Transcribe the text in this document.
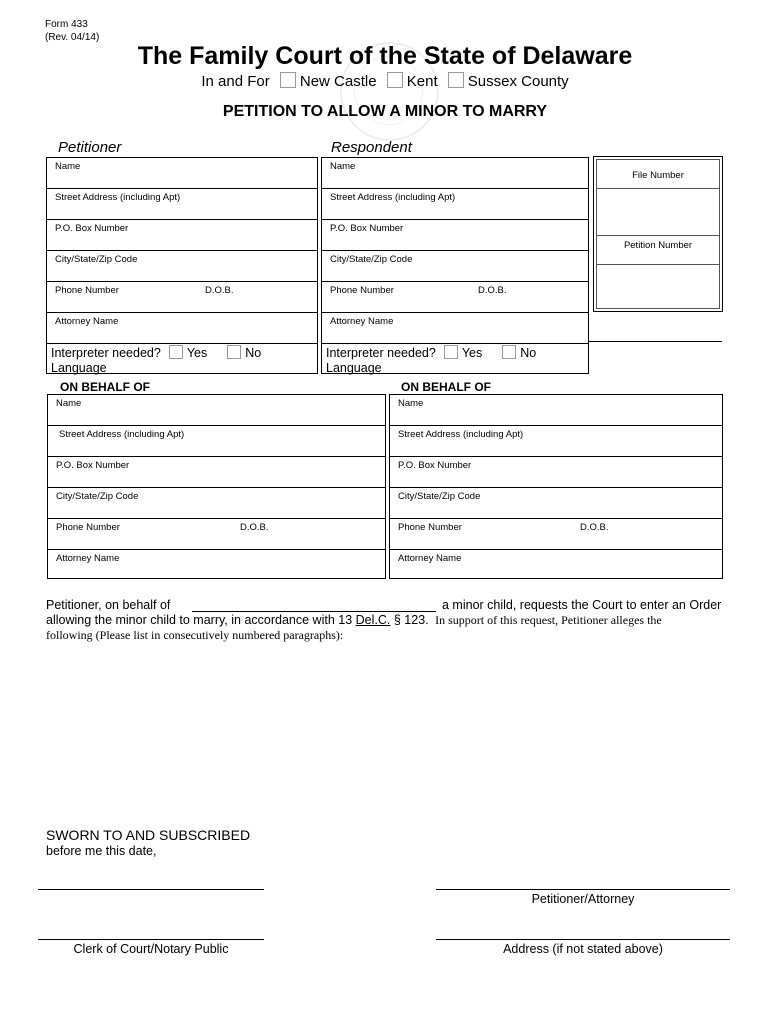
Form 433
(Rev. 04/14)
The Family Court of the State of Delaware
In and For New Castle Kent Sussex County
PETITION TO ALLOW A MINOR TO MARRY
Petitioner	Respondent
Name
Street Address (including Apt)
P.O. Box Number
City/State/Zip Code
Phone Number	D.O.B.
Attorney Name
Interpreter needed? Yes	No
Language
Name
Street Address (including Apt)
P.O. Box Number
City/State/Zip Code
Phone Number	D.O.B.
Attorney Name
Interpreter needed? Yes	No
Language
File Number
Petition Number
ON BEHALF OF	ON BEHALF OF
Name
Street Address (including Apt)
P.O. Box Number
City/State/Zip Code
Phone Number	D.O.B.
Attorney Name
Name
Street Address (including Apt)
P.O. Box Number
City/State/Zip Code
Phone Number	D.O.B.
Attorney Name
Petitioner, on behalf of	a minor child, requests the Court to enter an Order
allowing the minor child to marry, in accordance with 13 Del.C. § 123. In support of this request, Petitioner alleges the
following (Please list in consecutively numbered paragraphs):
SWORN TO AND SUBSCRIBED
before me this date,
Petitioner/Attorney
Clerk of Court/Notary Public	Address (if not stated above)
